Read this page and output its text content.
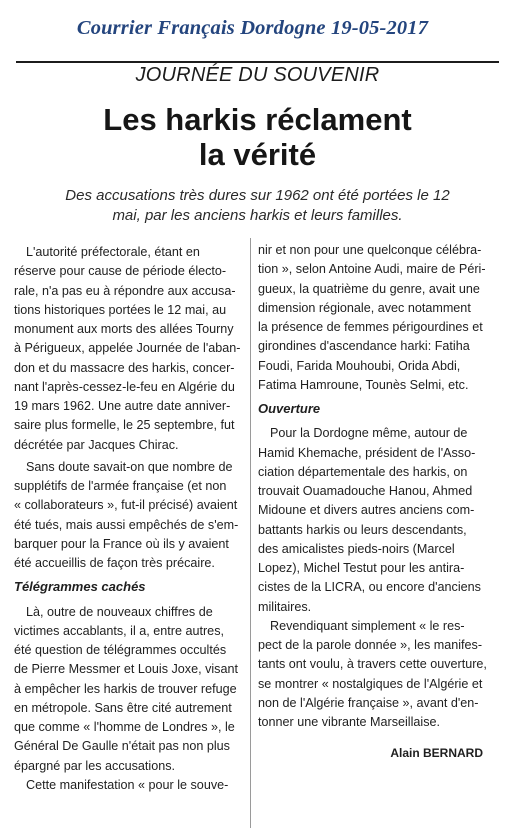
Courrier Français Dordogne 19-05-2017
JOURNÉE DU SOUVENIR
Les harkis réclament
la vérité
Des accusations très dures sur 1962 ont été portées le 12
mai, par les anciens harkis et leurs familles.
L'autorité préfectorale, étant en
réserve pour cause de période électo-
rale, n'a pas eu à répondre aux accusa-
tions historiques portées le 12 mai, au
monument aux morts des allées Tourny
à Périgueux, appelée Journée de l'aban-
don et du massacre des harkis, concer-
nant l'après-cessez-le-feu en Algérie du
19 mars 1962. Une autre date anniver-
saire plus formelle, le 25 septembre, fut
décrétée par Jacques Chirac.
Sans doute savait-on que nombre de
supplétifs de l'armée française (et non
« collaborateurs », fut-il précisé) avaient
été tués, mais aussi empêchés de s'em-
barquer pour la France où ils y avaient
été accueillis de façon très précaire.
Télégrammes cachés
Là, outre de nouveaux chiffres de
victimes accablants, il a, entre autres,
été question de télégrammes occultés
de Pierre Messmer et Louis Joxe, visant
à empêcher les harkis de trouver refuge
en métropole. Sans être cité autrement
que comme « l'homme de Londres », le
Général De Gaulle n'était pas non plus
épargné par les accusations.
Cette manifestation « pour le souve-
nir et non pour une quelconque célébra-
tion », selon Antoine Audi, maire de Péri-
gueux, la quatrième du genre, avait une
dimension régionale, avec notamment
la présence de femmes périgourdines et
girondines d'ascendance harki: Fatiha
Foudi, Farida Mouhoubi, Orida Abdi,
Fatima Hamroune, Tounès Selmi, etc.
Ouverture
Pour la Dordogne même, autour de
Hamid Khemache, président de l'Asso-
ciation départementale des harkis, on
trouvait Ouamadouche Hanou, Ahmed
Midoune et divers autres anciens com-
battants harkis ou leurs descendants,
des amicalistes pieds-noirs (Marcel
Lopez), Michel Testut pour les antira-
cistes de la LICRA, ou encore d'anciens
militaires.
Revendiquant simplement « le res-
pect de la parole donnée », les manifes-
tants ont voulu, à travers cette ouverture,
se montrer « nostalgiques de l'Algérie et
non de l'Algérie française », avant d'en-
tonner une vibrante Marseillaise.
Alain BERNARD
